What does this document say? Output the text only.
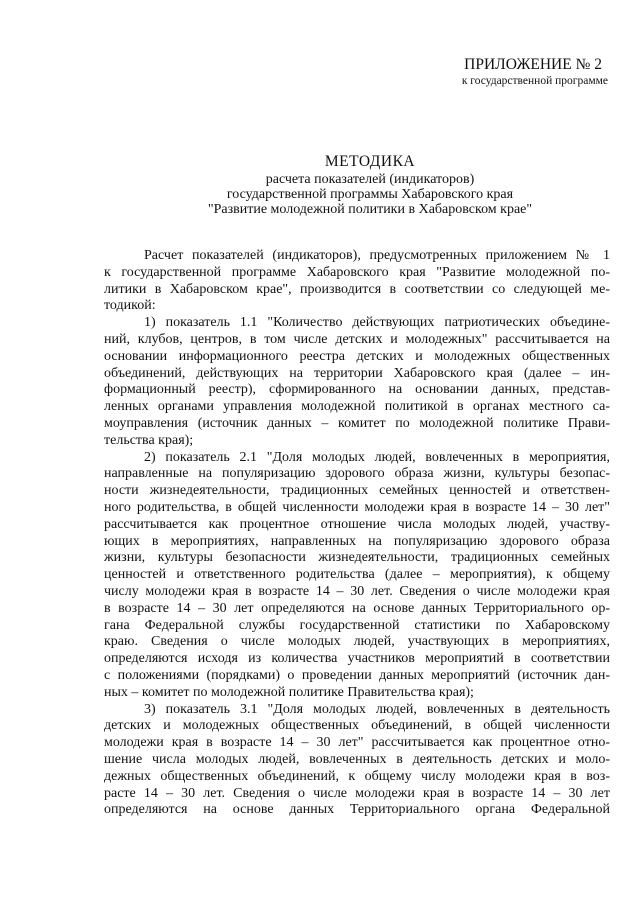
ПРИЛОЖЕНИЕ № 2
к государственной программе
МЕТОДИКА
расчета показателей (индикаторов)
государственной программы Хабаровского края
"Развитие молодежной политики в Хабаровском крае"
Расчет показателей (индикаторов), предусмотренных приложением № 1
к государственной программе Хабаровского края "Развитие молодежной по-
литики в Хабаровском крае", производится в соответствии со следующей ме-
тодикой:
1) показатель 1.1 "Количество действующих патриотических объедине-
ний, клубов, центров, в том числе детских и молодежных" рассчитывается на
основании информационного реестра детских и молодежных общественных
объединений, действующих на территории Хабаровского края (далее – ин-
формационный реестр), сформированного на основании данных, представ-
ленных органами управления молодежной политикой в органах местного са-
моуправления (источник данных – комитет по молодежной политике Прави-
тельства края);
2) показатель 2.1 "Доля молодых людей, вовлеченных в мероприятия,
направленные на популяризацию здорового образа жизни, культуры безопас-
ности жизнедеятельности, традиционных семейных ценностей и ответствен-
ного родительства, в общей численности молодежи края в возрасте 14 – 30 лет"
рассчитывается как процентное отношение числа молодых людей, участву-
ющих в мероприятиях, направленных на популяризацию здорового образа
жизни, культуры безопасности жизнедеятельности, традиционных семейных
ценностей и ответственного родительства (далее – мероприятия), к общему
числу молодежи края в возрасте 14 – 30 лет. Сведения о числе молодежи края
в возрасте 14 – 30 лет определяются на основе данных Территориального ор-
гана Федеральной службы государственной статистики по Хабаровскому
краю. Сведения о числе молодых людей, участвующих в мероприятиях,
определяются исходя из количества участников мероприятий в соответствии
с положениями (порядками) о проведении данных мероприятий (источник дан-
ных – комитет по молодежной политике Правительства края);
3) показатель 3.1 "Доля молодых людей, вовлеченных в деятельность
детских и молодежных общественных объединений, в общей численности
молодежи края в возрасте 14 – 30 лет" рассчитывается как процентное отно-
шение числа молодых людей, вовлеченных в деятельность детских и моло-
дежных общественных объединений, к общему числу молодежи края в воз-
расте 14 – 30 лет. Сведения о числе молодежи края в возрасте 14 – 30 лет
определяются на основе данных Территориального органа Федеральной
